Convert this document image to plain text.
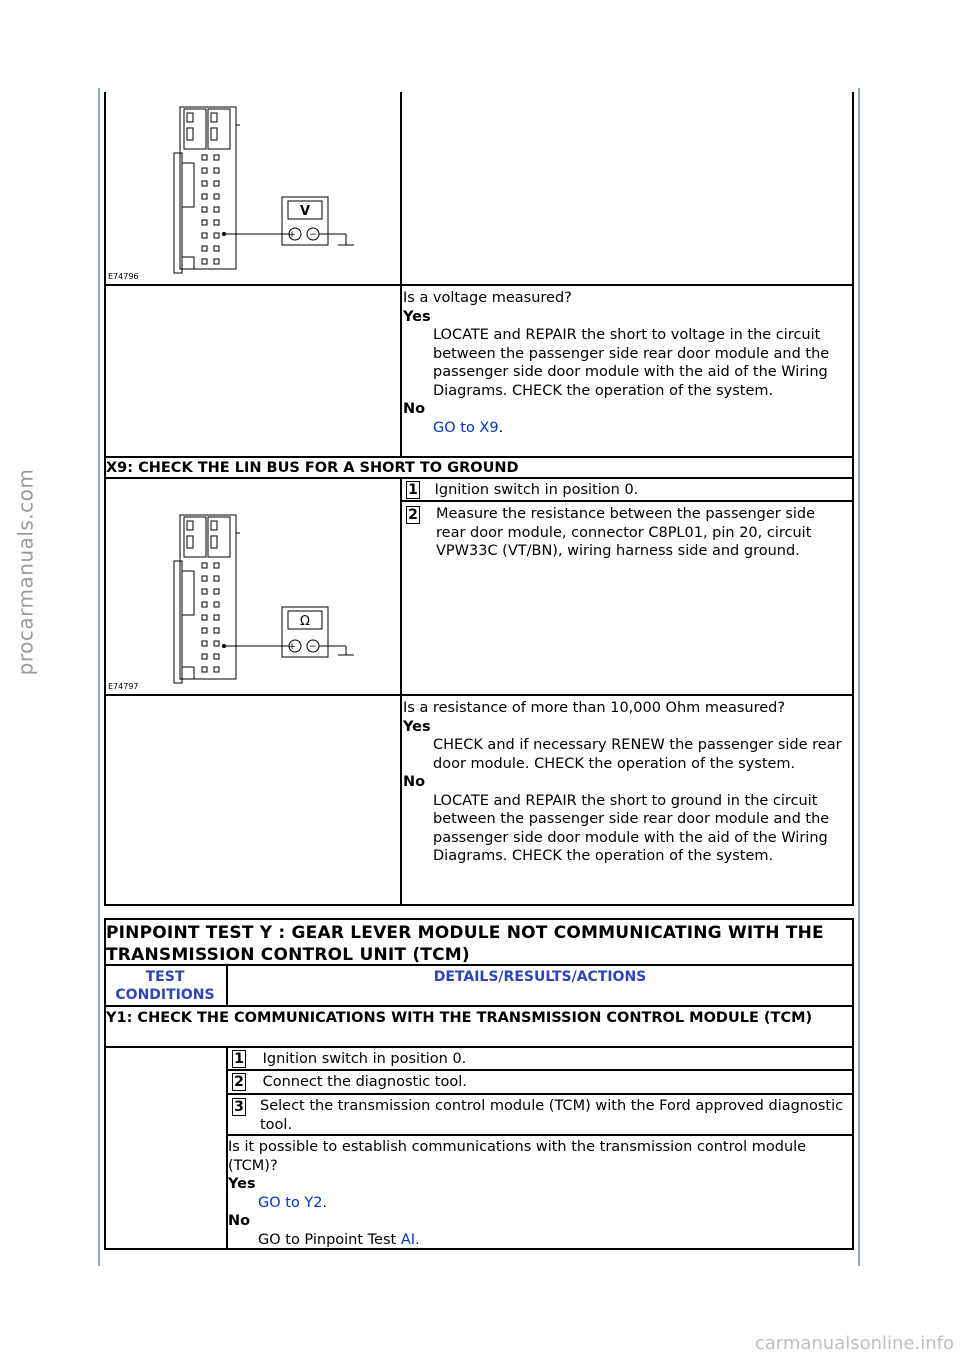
procarmanuals.com
carmanualsonline.info
V
+ −
E74796
Is a voltage measured?
Yes
LOCATE and REPAIR the short to voltage in the circuit between the passenger side rear door module and the passenger side door module with the aid of the Wiring Diagrams. CHECK the operation of the system.
No
GO to X9.
X9: CHECK THE LIN BUS FOR A SHORT TO GROUND
1 Ignition switch in position 0.
2	Measure the resistance between the passenger side rear door module, connector C8PL01, pin 20, circuit VPW33C (VT/BN), wiring harness side and ground.
Ω
+ −
E74797
Is a resistance of more than 10,000 Ohm measured?
Yes
CHECK and if necessary RENEW the passenger side rear door module. CHECK the operation of the system.
No
LOCATE and REPAIR the short to ground in the circuit between the passenger side rear door module and the passenger side door module with the aid of the Wiring Diagrams. CHECK the operation of the system.
PINPOINT TEST Y : GEAR LEVER MODULE NOT COMMUNICATING WITH THE TRANSMISSION CONTROL UNIT (TCM)
TEST CONDITIONS
DETAILS/RESULTS/ACTIONS
Y1: CHECK THE COMMUNICATIONS WITH THE TRANSMISSION CONTROL MODULE (TCM)
1 Ignition switch in position 0.
2 Connect the diagnostic tool.
3	Select the transmission control module (TCM) with the Ford approved diagnostic tool.
Is it possible to establish communications with the transmission control module (TCM)?
Yes
GO to Y2.
No
GO to Pinpoint Test AI.
